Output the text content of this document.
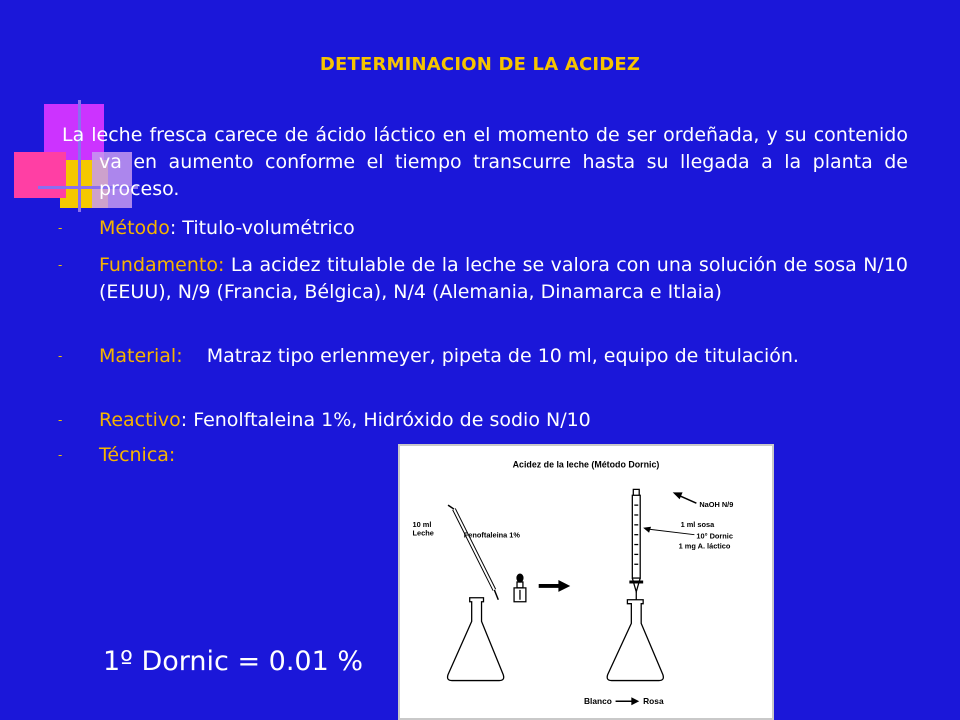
DETERMINACION DE LA ACIDEZ
La leche fresca carece de ácido láctico en el momento de ser ordeñada, y su contenido va en aumento conforme el tiempo transcurre hasta su llegada a la planta de proceso.
- Método: Titulo-volumétrico
- Fundamento: La acidez titulable de la leche se valora con una solución de sosa N/10 (EEUU), N/9 (Francia, Bélgica), N/4 (Alemania, Dinamarca e Itlaia)
- Material: Matraz tipo erlenmeyer, pipeta de 10 ml, equipo de titulación.
- Reactivo: Fenolftaleina 1%, Hidróxido de sodio N/10
- Técnica:
1º Dornic = 0.01 %
Acidez de la leche (Método Dornic)
10 ml
Leche	Fenoftaleina 1%
NaOH N/9
1 ml sosa
10° Dornic
1 mg A. láctico
Blanco	Rosa
